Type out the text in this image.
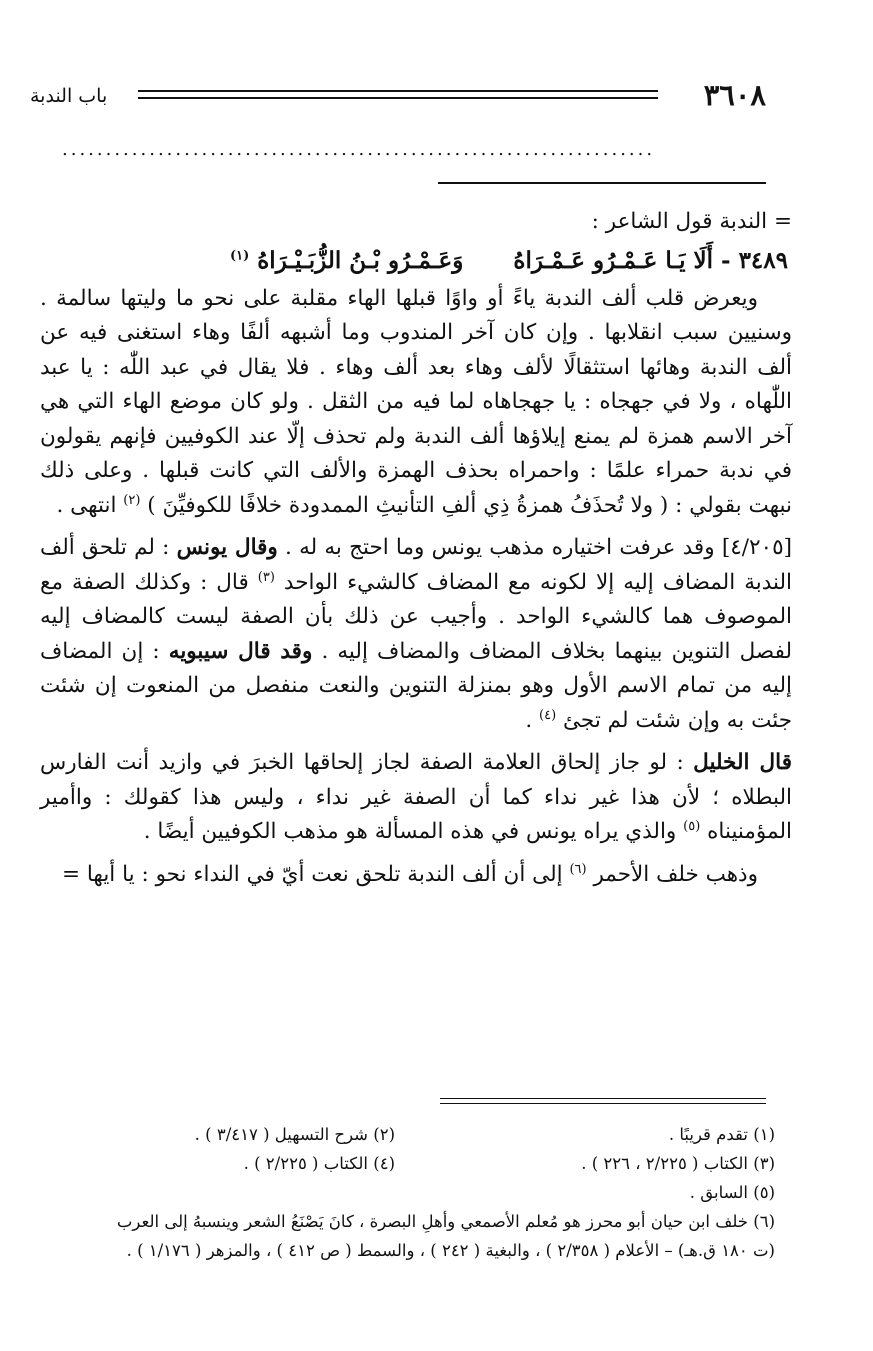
٣٦٠٨
باب الندبة
....................................................................

= الندبة قول الشاعر :

٣٤٨٩ - أَلَا يَـا عَـمْـرُو عَـمْـرَاهُ  وَعَـمْـرُو بْـنُ الزُّبَـيْـرَاهُ $^{(١)}$

ويعرض قلب ألف الندبة ياءً أو واوًا قبلها الهاء مقلبة على نحو ما وليتها سالمة . وسنيين سبب انقلابها . وإن كان آخر المندوب وما أشبهه ألفًا وهاء استغنى فيه عن ألف الندبة وهائها استثقالًا لألف وهاء بعد ألف وهاء . فلا يقال في عبد اللّٰه : يا عبد اللّٰهاه ، ولا في جهجاه : يا جهجاهاه لما فيه من الثقل . ولو كان موضع الهاء التي هي آخر الاسم همزة لم يمنع إيلاؤها ألف الندبة ولم تحذف إلّا عند الكوفيين فإنهم يقولون في ندبة حمراء علمًا : واحمراه بحذف الهمزة والألف التي كانت قبلها . وعلى ذلك نبهت بقولي : ( ولا تُحذَفُ همزةُ ذِي ألفِ التأنيثِ الممدودة خلافًا للكوفيِّنَ ) $^{(٢)}$ انتهى .

[٤/٢٠٥] وقد عرفت اختياره مذهب يونس وما احتج به له . وقال يونس : لم تلحق ألف الندبة المضاف إليه إلا لكونه مع المضاف كالشيء الواحد $^{(٣)}$ قال : وكذلك الصفة مع الموصوف هما كالشيء الواحد . وأجيب عن ذلك بأن الصفة ليست كالمضاف إليه لفصل التنوين بينهما بخلاف المضاف والمضاف إليه . وقد قال سيبويه : إن المضاف إليه من تمام الاسم الأول وهو بمنزلة التنوين والنعت منفصل من المنعوت إن شئت جئت به وإن شئت لم تجئ $^{(٤)}$ .

قال الخليل : لو جاز إلحاق العلامة الصفة لجاز إلحاقها الخبرَ في وازيد أنت الفارس البطلاه ؛ لأن هذا غير نداء كما أن الصفة غير نداء ، وليس هذا كقولك : واأمير المؤمنيناه $^{(٥)}$ والذي يراه يونس في هذه المسألة هو مذهب الكوفيين أيضًا .

وذهب خلف الأحمر $^{(٦)}$ إلى أن ألف الندبة تلحق نعت أيّ في النداء نحو : يا أيها =

(١) تقدم قريبًا .
(٢) شرح التسهيل ( ٣/٤١٧ ) .
(٣) الكتاب ( ٢/٢٢٥ ، ٢٢٦ ) .
(٤) الكتاب ( ٢/٢٢٥ ) .
(٥) السابق .
(٦) خلف ابن حيان أبو محرز هو مُعلم الأصمعي وأهلِ البصرة ، كانَ يَصْنَعُ الشعر وينسبهُ إلى العرب
(ت ١٨٠ ق.هـ) – الأعلام ( ٢/٣٥٨ ) ، والبغية ( ٢٤٢ ) ، والسمط ( ص ٤١٢ ) ، والمزهر ( ١/١٧٦ ) .
